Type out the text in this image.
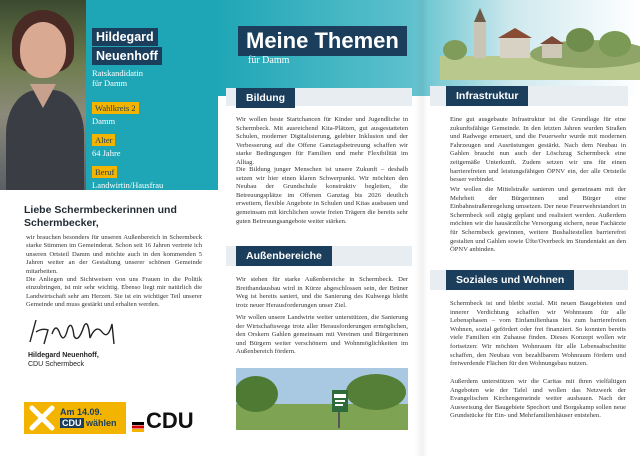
Hildegard
Neuenhoff
Ratskandidatin
für Damm
Wahlkreis 2
Damm
Alter
64 Jahre
Beruf
Landwirtin/Hausfrau
Liebe Schermbeckerinnen und Schermbecker,
wir brauchen besonders für unseren Außenbereich in Schermbeck starke Stimmen im Gemeinderat. Schon seit 16 Jahren vertrete ich unseren Ortsteil Damm und möchte auch in den kommenden 5 Jahren weiter an der Gestaltung unserer schönen Gemeinde mitarbeiten.
Die Anliegen und Sichtweisen von uns Frauen in die Politik einzubringen, ist mir sehr wichtig. Ebenso liegt mir natürlich die Landwirtschaft sehr am Herzen. Sie ist ein wichtiger Teil unserer Gemeinde und muss gestärkt und erhalten werden.
Hildegard Neuenhoff,
CDU Schermbeck
Am 14.09.
CDU wählen CDU
Meine Themen
für Damm
Bildung
Wir wollen beste Startchancen für Kinder und Jugendliche in Schermbeck. Mit ausreichend Kita-Plätzen, gut ausgestatteten Schulen, moderner Digitalisierung, gelebter Inklusion und der Verbesserung auf die Offene Ganztagsbetreuung schaffen wir starke Bedingungen für Familien und mehr Flexibilität im Alltag.
Die Bildung junger Menschen ist unsere Zukunft – deshalb setzen wir hier einen klaren Schwerpunkt. Wir möchten den Neubau der Grundschule konstruktiv begleiten, die Betreuungsplätze im Offenen Ganztag bis 2026 deutlich erweitern, flexible Angebote in Schulen und Kitas ausbauen und gemeinsam mit kirchlichen sowie freien Trägern die bereits sehr guten Betreuungsangebote weiter stärken.
Außenbereiche
Wir stehen für starke Außenbereiche in Schermbeck. Der Breitbandausbau wird in Kürze abgeschlossen sein, der Brüner Weg ist bereits saniert, und die Sanierung des Kuhwegs bleibt trotz neuer Herausforderungen unser Ziel.
Wir wollen unsere Landwirte weiter unterstützen, die Sanierung der Wirtschaftswege trotz aller Herausforderungen ermöglichen, den Orskern Gahlen gemeinsam mit Vereinen und Bürgerinnen und Bürgern weiter verschönern und Wohnmöglichkeiten im Außenbereich fördern.
Infrastruktur
Eine gut ausgebaute Infrastruktur ist die Grundlage für eine zukunftsfähige Gemeinde. In den letzten Jahren wurden Straßen und Radwege erneuert, und die Feuerwehr wurde mit modernen Fahrzeugen und Ausrüstungen gestärkt. Nach dem Neubau in Gahlen braucht nun auch der Löschzug Schermbeck eine zeitgemäße Unterkunft. Zudem setzen wir uns für einen barrierefreien und leistungsfähigen ÖPNV ein, der alle Ortsteile besser verbindet.
Wir wollen die Mittelstraße sanieren und gemeinsam mit der Mehrheit der Bürgerinnen und Bürger eine Einbahnstraßenregelung umsetzen. Der neue Feuerwehrstandort in Schermbeck soll zügig geplant und realisiert werden. Außerdem möchten wir die hausärztliche Versorgung sichern, neue Fachärzte für Schermbeck gewinnen, weitere Bushaltestellen barrierefrei gestalten und Gahlen sowie Üfte/Overbeck im Stundentakt an den ÖPNV anbinden.
Soziales und Wohnen
Schermbeck ist und bleibt sozial. Mit neuen Baugebieten und innerer Verdichtung schaffen wir Wohnraum für alle Lebensphasen – vom Einfamilienhaus bis zum barrierefreien Wohnen, sozial gefördert oder frei finanziert. So konnten bereits viele Familien ein Zuhause finden. Dieses Konzept wollen wir fortsetzen: Wir möchten Wohnraum für alle Lebensabschnitte schaffen, den Neubau von bezahlbarem Wohnraum fördern und freiwerdende Flächen für den Wohnungsbau nutzen.
Außerdem unterstützen wir die Caritas mit ihren vielfältigen Angeboten wie der Tafel und wollen das Netzwerk der Evangelischen Kirchengemeinde weiter ausbauen. Nach der Ausweisung der Baugebiete Spechort und Borgskamp sollen neue Grundstücke für Ein- und Mehrfamilienhäuser entstehen.
